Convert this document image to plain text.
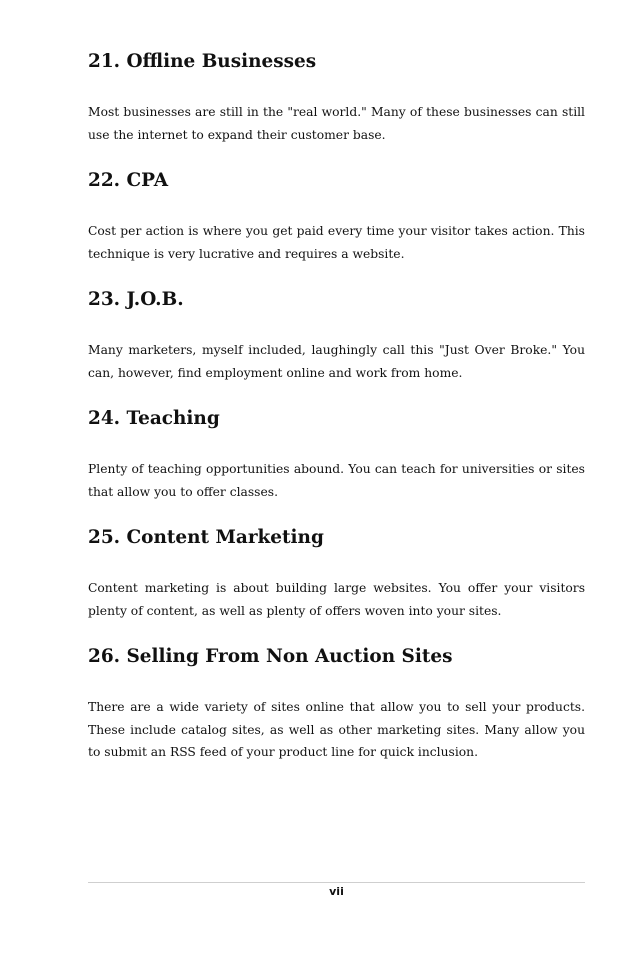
21. Offline Businesses

Most businesses are still in the "real world." Many of these businesses can still use the internet to expand their customer base.

22. CPA

Cost per action is where you get paid every time your visitor takes action. This technique is very lucrative and requires a website.

23. J.O.B.

Many marketers, myself included, laughingly call this "Just Over Broke." You can, however, find employment online and work from home.

24. Teaching

Plenty of teaching opportunities abound. You can teach for universities or sites that allow you to offer classes.

25. Content Marketing

Content marketing is about building large websites. You offer your visitors plenty of content, as well as plenty of offers woven into your sites.

26. Selling From Non Auction Sites

There are a wide variety of sites online that allow you to sell your products. These include catalog sites, as well as other marketing sites. Many allow you to submit an RSS feed of your product line for quick inclusion.

vii
